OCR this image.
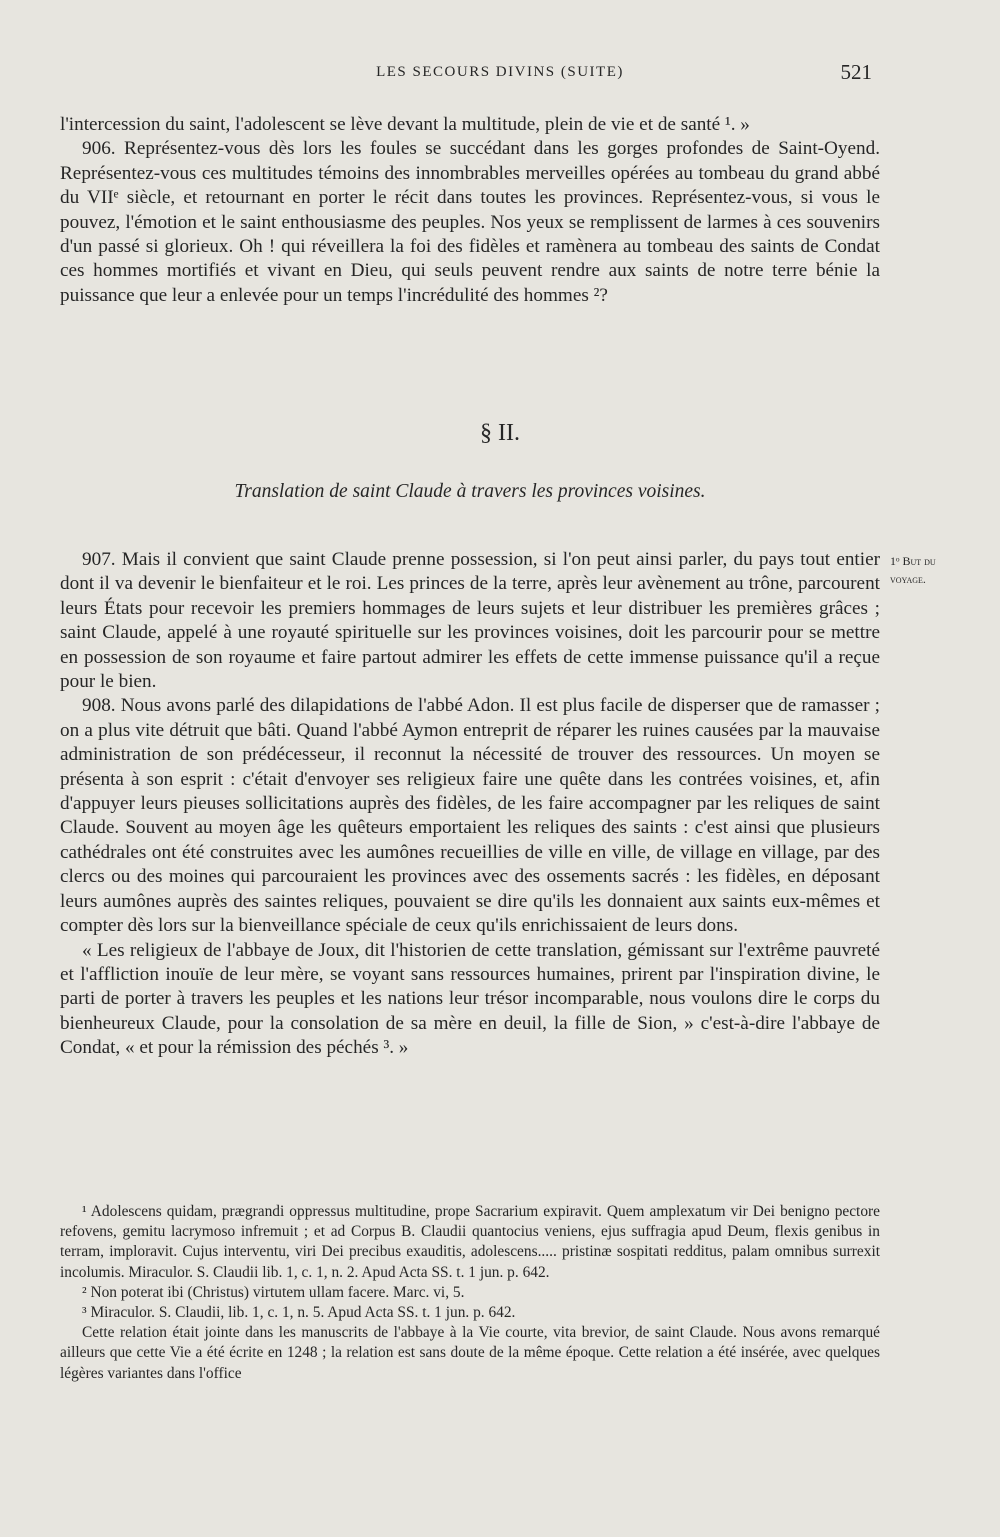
LES SECOURS DIVINS (SUITE)	521

l'intercession du saint, l'adolescent se lève devant la multitude, plein de vie et de santé ¹. »

906. Représentez-vous dès lors les foules se succédant dans les gorges profondes de Saint-Oyend. Représentez-vous ces multitudes témoins des innombrables merveilles opérées au tombeau du grand abbé du VIIᵉ siècle, et retournant en porter le récit dans toutes les provinces. Représentez-vous, si vous le pouvez, l'émotion et le saint enthousiasme des peuples. Nos yeux se remplissent de larmes à ces souvenirs d'un passé si glorieux. Oh ! qui réveillera la foi des fidèles et ramènera au tombeau des saints de Condat ces hommes mortifiés et vivant en Dieu, qui seuls peuvent rendre aux saints de notre terre bénie la puissance que leur a enlevée pour un temps l'incrédulité des hommes ²?

§ II.
Translation de saint Claude à travers les provinces voisines.
1ᵒ But du voyage.

907. Mais il convient que saint Claude prenne possession, si l'on peut ainsi parler, du pays tout entier dont il va devenir le bienfaiteur et le roi. Les princes de la terre, après leur avènement au trône, parcourent leurs États pour recevoir les premiers hommages de leurs sujets et leur distribuer les premières grâces ; saint Claude, appelé à une royauté spirituelle sur les provinces voisines, doit les parcourir pour se mettre en possession de son royaume et faire partout admirer les effets de cette immense puissance qu'il a reçue pour le bien.

908. Nous avons parlé des dilapidations de l'abbé Adon. Il est plus facile de disperser que de ramasser ; on a plus vite détruit que bâti. Quand l'abbé Aymon entreprit de réparer les ruines causées par la mauvaise administration de son prédécesseur, il reconnut la nécessité de trouver des ressources. Un moyen se présenta à son esprit : c'était d'envoyer ses religieux faire une quête dans les contrées voisines, et, afin d'appuyer leurs pieuses sollicitations auprès des fidèles, de les faire accompagner par les reliques de saint Claude. Souvent au moyen âge les quêteurs emportaient les reliques des saints : c'est ainsi que plusieurs cathédrales ont été construites avec les aumônes recueillies de ville en ville, de village en village, par des clercs ou des moines qui parcouraient les provinces avec des ossements sacrés : les fidèles, en déposant leurs aumônes auprès des saintes reliques, pouvaient se dire qu'ils les donnaient aux saints eux-mêmes et compter dès lors sur la bienveillance spéciale de ceux qu'ils enrichissaient de leurs dons.

« Les religieux de l'abbaye de Joux, dit l'historien de cette translation, gémissant sur l'extrême pauvreté et l'affliction inouïe de leur mère, se voyant sans ressources humaines, prirent par l'inspiration divine, le parti de porter à travers les peuples et les nations leur trésor incomparable, nous voulons dire le corps du bienheureux Claude, pour la consolation de sa mère en deuil, la fille de Sion, » c'est-à-dire l'abbaye de Condat, « et pour la rémission des péchés ³. »

¹ Adolescens quidam, prægrandi oppressus multitudine, prope Sacrarium expiravit. Quem amplexatum vir Dei benigno pectore refovens, gemitu lacrymoso infremuit ; et ad Corpus B. Claudii quantocius veniens, ejus suffragia apud Deum, flexis genibus in terram, imploravit. Cujus interventu, viri Dei precibus exauditis, adolescens..... pristinæ sospitati redditus, palam omnibus surrexit incolumis. Miraculor. S. Claudii lib. 1, c. 1, n. 2. Apud Acta SS. t. 1 jun. p. 642.

² Non poterat ibi (Christus) virtutem ullam facere. Marc. vi, 5.

³ Miraculor. S. Claudii, lib. 1, c. 1, n. 5. Apud Acta SS. t. 1 jun. p. 642.

Cette relation était jointe dans les manuscrits de l'abbaye à la Vie courte, vita brevior, de saint Claude. Nous avons remarqué ailleurs que cette Vie a été écrite en 1248 ; la relation est sans doute de la même époque. Cette relation a été insérée, avec quelques légères variantes dans l'office
